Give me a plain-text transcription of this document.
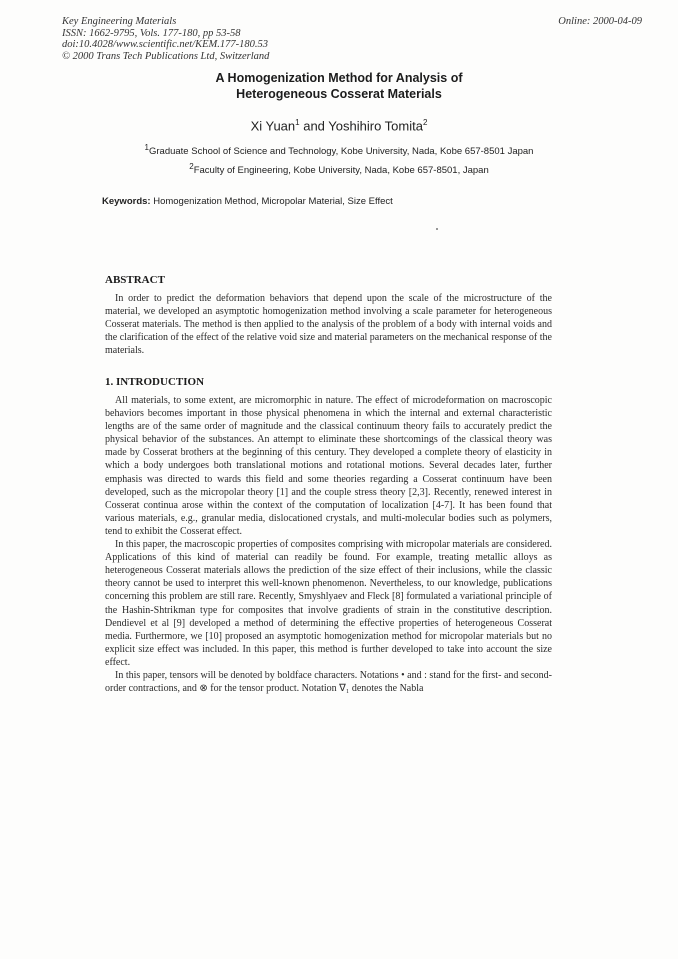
Key Engineering Materials
ISSN: 1662-9795, Vols. 177-180, pp 53-58
doi:10.4028/www.scientific.net/KEM.177-180.53
© 2000 Trans Tech Publications Ltd, Switzerland
Online: 2000-04-09
A Homogenization Method for Analysis of
Heterogeneous Cosserat Materials
Xi Yuan$^1$ and Yoshihiro Tomita$^2$
$^1$Graduate School of Science and Technology, Kobe University, Nada, Kobe 657-8501 Japan
$^2$Faculty of Engineering, Kobe University, Nada, Kobe 657-8501, Japan
Keywords: Homogenization Method, Micropolar Material, Size Effect
ABSTRACT

In order to predict the deformation behaviors that depend upon the scale of the microstructure of the material, we developed an asymptotic homogenization method involving a scale parameter for heterogeneous Cosserat materials. The method is then applied to the analysis of the problem of a body with internal voids and the clarification of the effect of the relative void size and material parameters on the mechanical response of the materials.

1. INTRODUCTION

All materials, to some extent, are micromorphic in nature. The effect of microdeformation on macroscopic behaviors becomes important in those physical phenomena in which the internal and external characteristic lengths are of the same order of magnitude and the classical continuum theory fails to accurately predict the physical behavior of the substances. An attempt to eliminate these shortcomings of the classical theory was made by Cosserat brothers at the beginning of this century. They developed a complete theory of elasticity in which a body undergoes both translational motions and rotational motions. Several decades later, further emphasis was directed to wards this field and some theories regarding a Cosserat continuum have been developed, such as the micropolar theory [1] and the couple stress theory [2,3]. Recently, renewed interest in Cosserat continua arose within the context of the computation of localization [4-7]. It has been found that various materials, e.g., granular media, dislocationed crystals, and multi-molecular bodies such as polymers, tend to exhibit the Cosserat effect.

In this paper, the macroscopic properties of composites comprising with micropolar materials are considered. Applications of this kind of material can readily be found. For example, treating metallic alloys as heterogeneous Cosserat materials allows the prediction of the size effect of their inclusions, while the classic theory cannot be used to interpret this well-known phenomenon. Nevertheless, to our knowledge, publications concerning this problem are still rare. Recently, Smyshlyaev and Fleck [8] formulated a variational principle of the Hashin-Shtrikman type for composites that involve gradients of strain in the constitutive description. Dendievel et al [9] developed a method of determining the effective properties of heterogeneous Cosserat media. Furthermore, we [10] proposed an asymptotic homogenization method for micropolar materials but no explicit size effect was included. In this paper, this method is further developed to take into account the size effect.

In this paper, tensors will be denoted by boldface characters. Notations • and : stand for the first- and second-order contractions, and ⊗ for the tensor product. Notation ∇₁ denotes the Nabla
